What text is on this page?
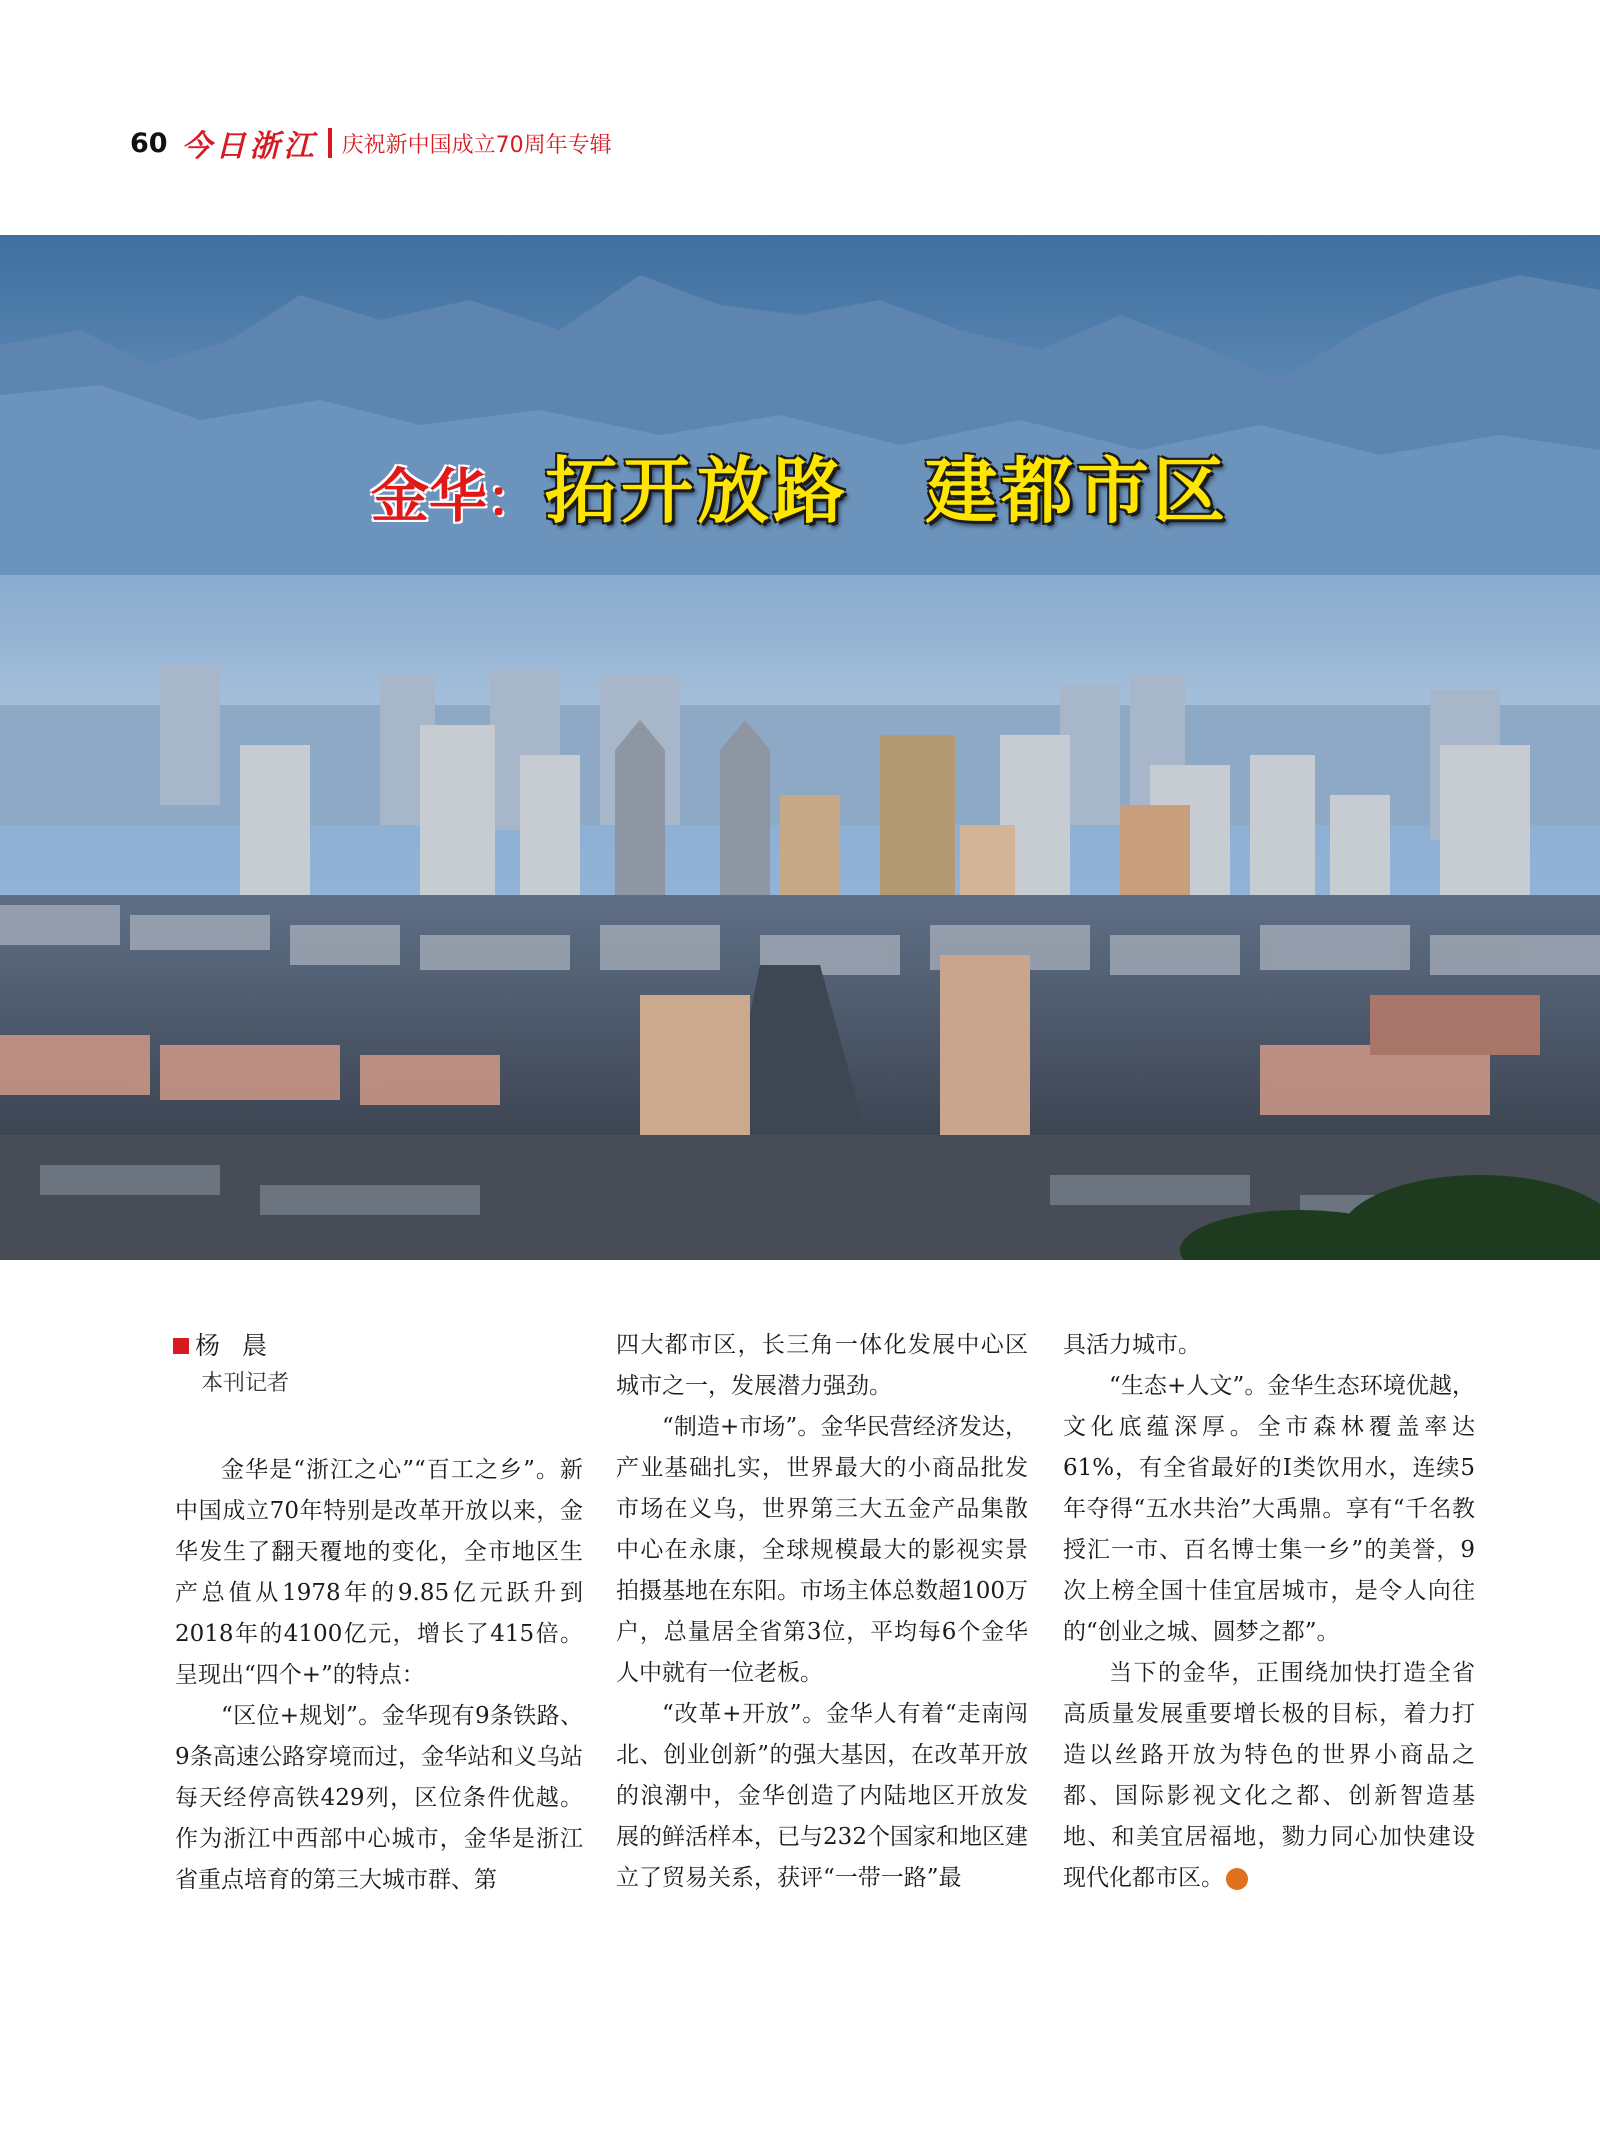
60 今日浙江 庆祝新中国成立70周年专辑
金华： 拓开放路　建都市区
杨晨
本刊记者

金华是“浙江之心”“百工之乡”。新中国成立70年特别是改革开放以来，金华发生了翻天覆地的变化，全市地区生产总值从1978年的9.85亿元跃升到2018年的4100亿元，增长了415倍。呈现出“四个+”的特点：

“区位+规划”。金华现有9条铁路、9条高速公路穿境而过，金华站和义乌站每天经停高铁429列，区位条件优越。作为浙江中西部中心城市，金华是浙江省重点培育的第三大城市群、第

四大都市区，长三角一体化发展中心区城市之一，发展潜力强劲。

“制造+市场”。金华民营经济发达，产业基础扎实，世界最大的小商品批发市场在义乌，世界第三大五金产品集散中心在永康，全球规模最大的影视实景拍摄基地在东阳。市场主体总数超100万户，总量居全省第3位，平均每6个金华人中就有一位老板。

“改革+开放”。金华人有着“走南闯北、创业创新”的强大基因，在改革开放的浪潮中，金华创造了内陆地区开放发展的鲜活样本，已与232个国家和地区建立了贸易关系，获评“一带一路”最

具活力城市。

“生态+人文”。金华生态环境优越，文化底蕴深厚。全市森林覆盖率达61%，有全省最好的Ⅰ类饮用水，连续5年夺得“五水共治”大禹鼎。享有“千名教授汇一市、百名博士集一乡”的美誉，9次上榜全国十佳宜居城市，是令人向往的“创业之城、圆梦之都”。

当下的金华，正围绕加快打造全省高质量发展重要增长极的目标，着力打造以丝路开放为特色的世界小商品之都、国际影视文化之都、创新智造基地、和美宜居福地，勠力同心加快建设现代化都市区。	今
